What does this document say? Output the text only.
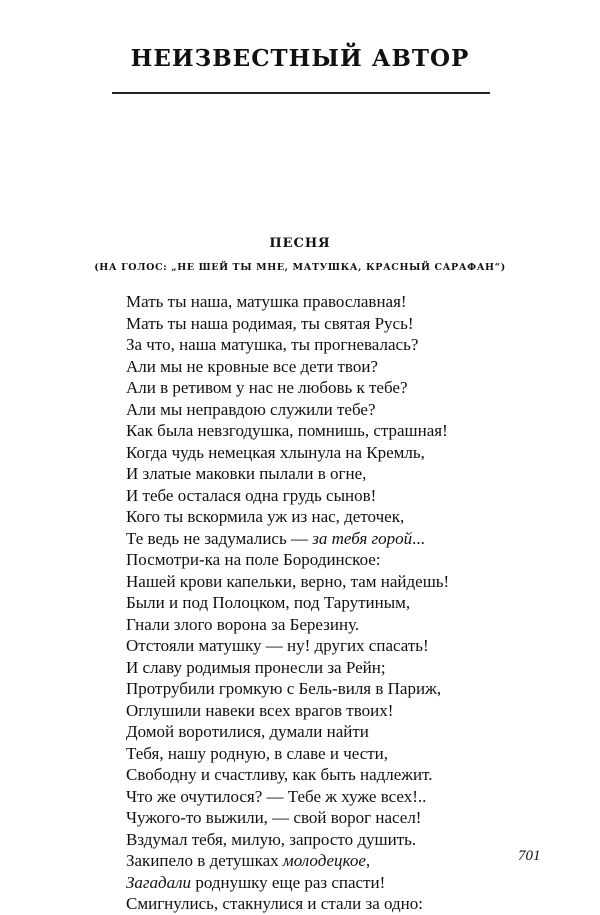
НЕИЗВЕСТНЫЙ АВТОР
ПЕСНЯ
(НА ГОЛОС: „НЕ ШЕЙ ТЫ МНЕ, МАТУШКА, КРАСНЫЙ САРАФАН“)
Мать ты наша, матушка православная!
Мать ты наша родимая, ты святая Русь!
За что, наша матушка, ты прогневалась?
Али мы не кровные все дети твои?
Али в ретивом у нас не любовь к тебе?
Али мы неправдою служили тебе?
Как была невзгодушка, помнишь, страшная!
Когда чудь немецкая хлынула на Кремль,
И златые маковки пылали в огне,
И тебе осталася одна грудь сынов!
Кого ты вскормила уж из нас, деточек,
Те ведь не задумались — за тебя горой...
Посмотри-ка на поле Бородинское:
Нашей крови капельки, верно, там найдешь!
Были и под Полоцком, под Тарутиным,
Гнали злого ворона за Березину.
Отстояли матушку — ну! других спасать!
И славу родимыя пронесли за Рейн;
Протрубили громкую с Бель-виля в Париж,
Оглушили навеки всех врагов твоих!
Домой воротилися, думали найти
Тебя, нашу родную, в славе и чести,
Свободну и счастливу, как быть надлежит.
Что же очутилося? — Тебе ж хуже всех!..
Чужого-то выжили, — свой ворог насел!
Вздумал тебя, милую, запросто душить.
Закипело в детушках молодецкое,
Загадали роднушку еще раз спасти!
Смигнулись, стакнулися и стали за одно:
701
